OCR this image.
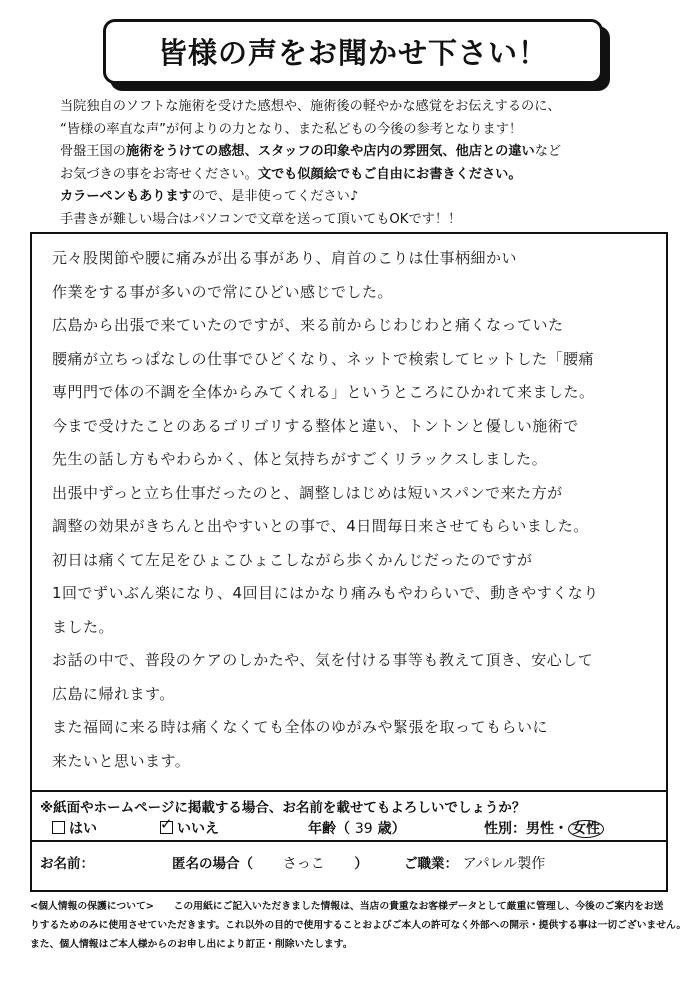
皆様の声をお聞かせ下さい！
当院独自のソフトな施術を受けた感想や、施術後の軽やかな感覚をお伝えするのに、
“皆様の率直な声”が何よりの力となり、また私どもの今後の参考となります！
骨盤王国の施術をうけての感想、スタッフの印象や店内の雰囲気、他店との違いなど
お気づきの事をお寄せください。文でも似顔絵でもご自由にお書きください。
カラーペンもありますので、是非使ってください♪
手書きが難しい場合はパソコンで文章を送って頂いてもOKです！！
元々股関節や腰に痛みが出る事があり、肩首のこりは仕事柄細かい
作業をする事が多いので常にひどい感じでした。
広島から出張で来ていたのですが、来る前からじわじわと痛くなっていた
腰痛が立ちっぱなしの仕事でひどくなり、ネットで検索してヒットした「腰痛
専門門で体の不調を全体からみてくれる」というところにひかれて来ました。
今まで受けたことのあるゴリゴリする整体と違い、トントンと優しい施術で
先生の話し方もやわらかく、体と気持ちがすごくリラックスしました。
出張中ずっと立ち仕事だったのと、調整しはじめは短いスパンで来た方が
調整の効果がきちんと出やすいとの事で、4日間毎日来させてもらいました。
初日は痛くて左足をひょこひょこしながら歩くかんじだったのですが
1回でずいぶん楽になり、4回目にはかなり痛みもやわらいで、動きやすくなり
ました。
お話の中で、普段のケアのしかたや、気を付ける事等も教えて頂き、安心して
広島に帰れます。
また福岡に来る時は痛くなくても全体のゆがみや緊張を取ってもらいに
来たいと思います。
※紙面やホームページに掲載する場合、お名前を載せてもよろしいでしょうか？
はい
✓	いいえ	年齢（ 39 歳）	性別：男性・ 女性
お名前：	匿名の場合（ さっこ ）	ご職業： アパレル製作
<個人情報の保護について>　　この用紙にご記入いただきました情報は、当店の貴重なお客様データとして厳重に管理し、今後のご案内をお送
りするためのみに使用させていただきます。これ以外の目的で使用することおよびご本人の許可なく外部への開示・提供する事は一切ございません。
また、個人情報はご本人様からのお申し出により訂正・削除いたします。
